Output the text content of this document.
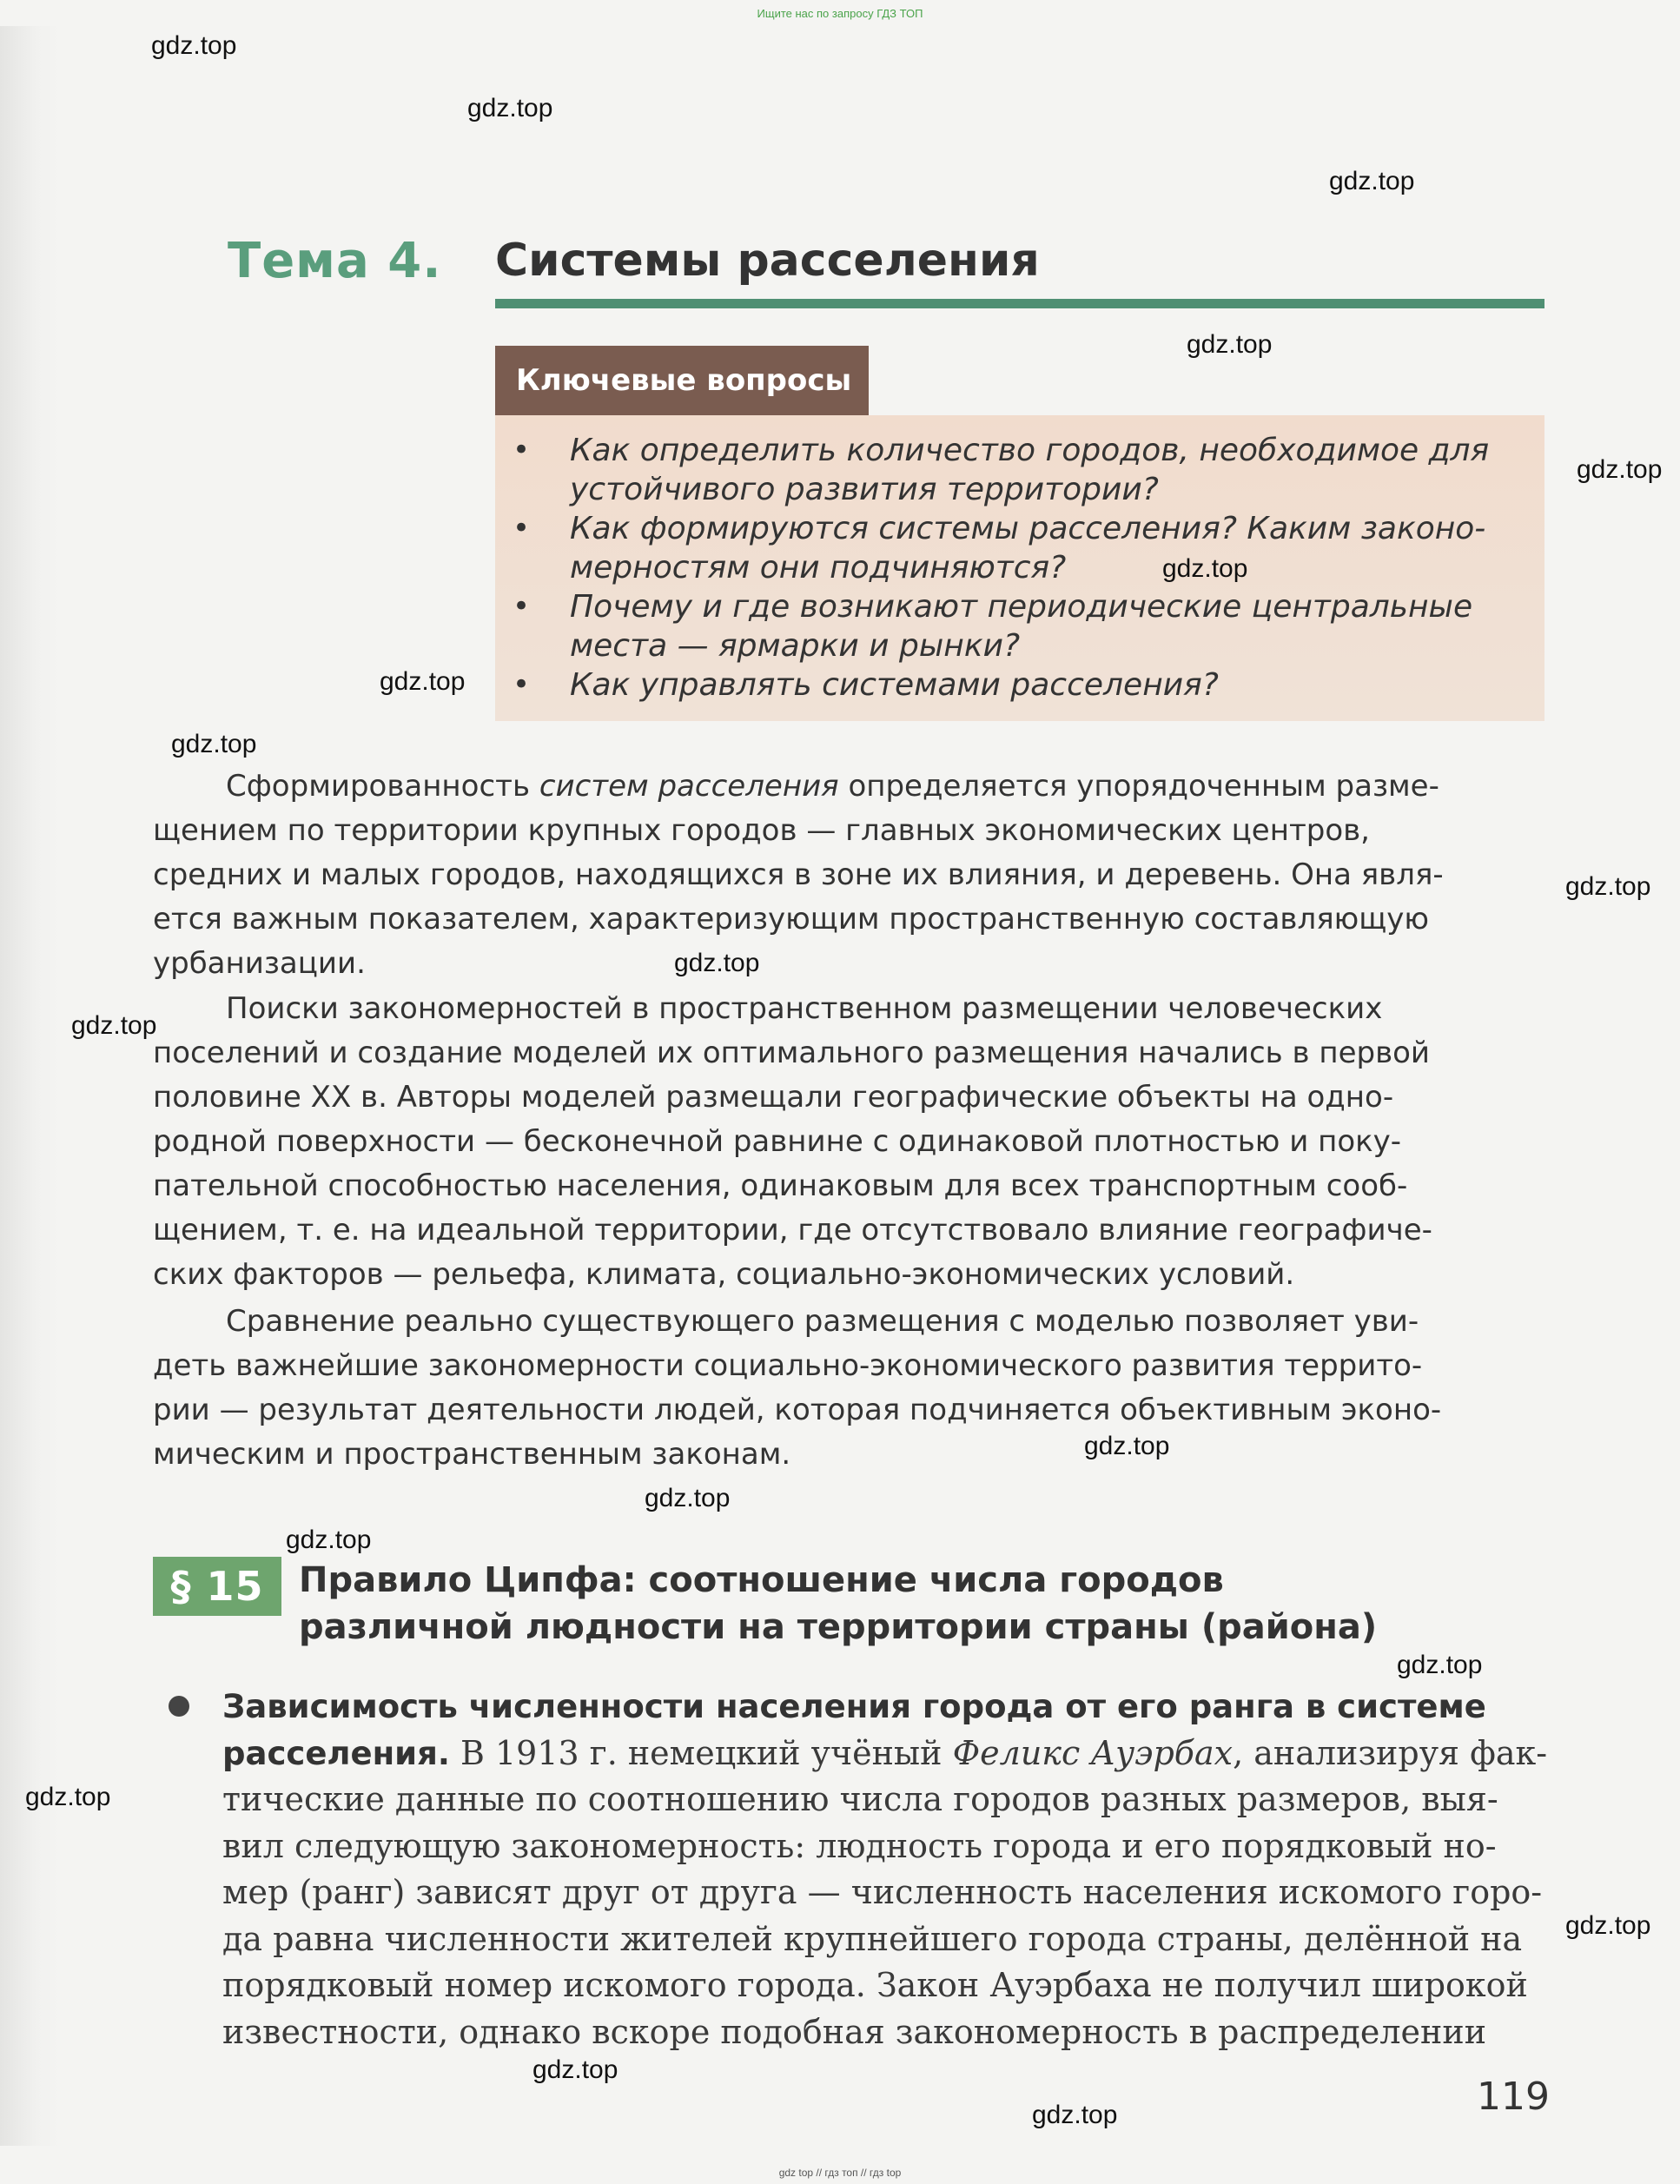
Ищите нас по запросу ГДЗ ТОП
Тема 4. Системы расселения
Ключевые вопросы
• Как определить количество городов, необходимое для
устойчивого развития территории?
• Как формируются системы расселения? Каким законо-
мерностям они подчиняются?
• Почему и где возникают периодические центральные
места — ярмарки и рынки?
• Как управлять системами расселения?
Сформированность систем расселения определяется упорядоченным разме-
щением по территории крупных городов — главных экономических центров,
средних и малых городов, находящихся в зоне их влияния, и деревень. Она явля-
ется важным показателем, характеризующим пространственную составляющую
урбанизации.
Поиски закономерностей в пространственном размещении человеческих
поселений и создание моделей их оптимального размещения начались в первой
половине XX в. Авторы моделей размещали географические объекты на одно-
родной поверхности — бесконечной равнине с одинаковой плотностью и поку-
пательной способностью населения, одинаковым для всех транспортным сооб-
щением, т. е. на идеальной территории, где отсутствовало влияние географиче-
ских факторов — рельефа, климата, социально-экономических условий.
Сравнение реально существующего размещения с моделью позволяет уви-
деть важнейшие закономерности социально-экономического развития террито-
рии — результат деятельности людей, которая подчиняется объективным эконо-
мическим и пространственным законам.
§ 15	Правило Ципфа: соотношение числа городов
различной людности на территории страны (района)
Зависимость численности населения города от его ранга в системе
расселения. В 1913 г. немецкий учёный Феликс Ауэрбах, анализируя фак-
тические данные по соотношению числа городов разных размеров, выя-
вил следующую закономерность: людность города и его порядковый но-
мер (ранг) зависят друг от друга — численность населения искомого горо-
да равна численности жителей крупнейшего города страны, делённой на
порядковый номер искомого города. Закон Ауэрбаха не получил широкой
известности, однако вскоре подобная закономерность в распределении
119
gdz.top
gdz.top
gdz.top
gdz.top
gdz.top
gdz.top
gdz.top
gdz.top
gdz.top
gdz.top
gdz.top
gdz.top
gdz.top
gdz.top
gdz.top
gdz.top
gdz.top
gdz.top
gdz.top
gdz top // гдз топ // гдз top
